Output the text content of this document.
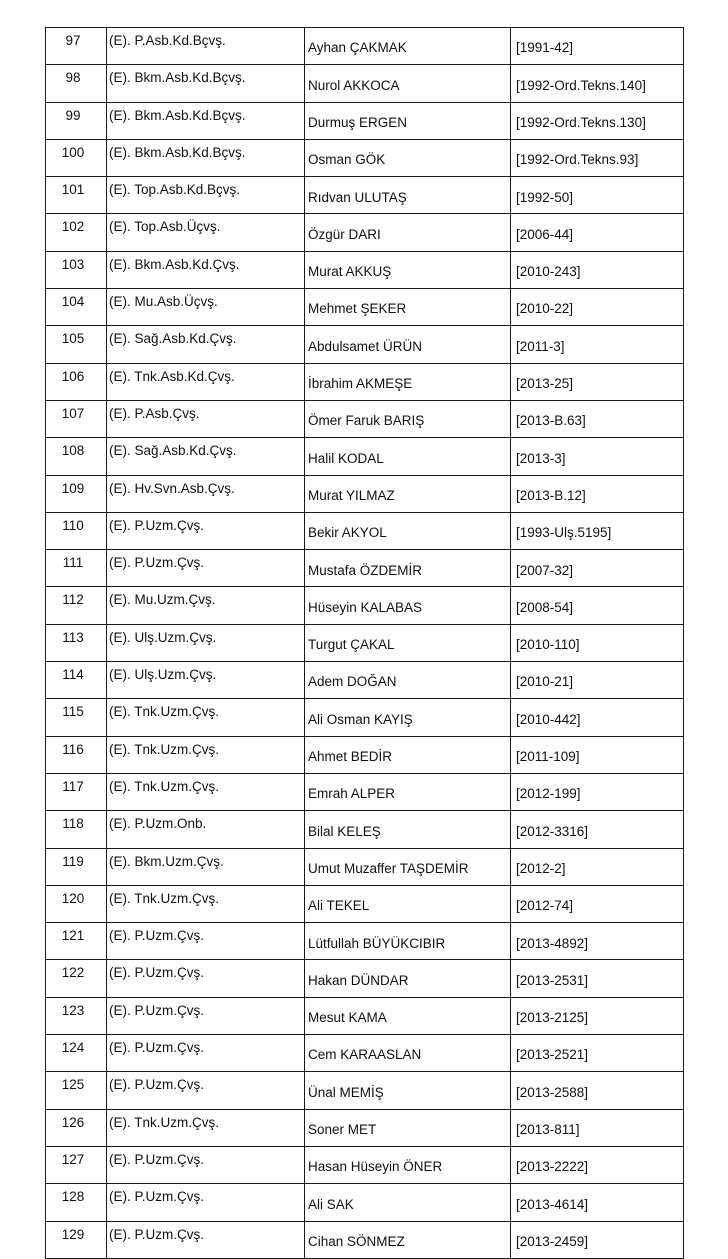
97	(E). P.Asb.Kd.Bçvş.	Ayhan ÇAKMAK	[1991-42]
98	(E). Bkm.Asb.Kd.Bçvş.	Nurol AKKOCA	[1992-Ord.Tekns.140]
99	(E). Bkm.Asb.Kd.Bçvş.	Durmuş ERGEN	[1992-Ord.Tekns.130]
100	(E). Bkm.Asb.Kd.Bçvş.	Osman GÖK	[1992-Ord.Tekns.93]
101	(E). Top.Asb.Kd.Bçvş.	Rıdvan ULUTAŞ	[1992-50]
102	(E). Top.Asb.Üçvş.	Özgür DARI	[2006-44]
103	(E). Bkm.Asb.Kd.Çvş.	Murat AKKUŞ	[2010-243]
104	(E). Mu.Asb.Üçvş.	Mehmet ŞEKER	[2010-22]
105	(E). Sağ.Asb.Kd.Çvş.	Abdulsamet ÜRÜN	[2011-3]
106	(E). Tnk.Asb.Kd.Çvş.	İbrahim AKMEŞE	[2013-25]
107	(E). P.Asb.Çvş.	Ömer Faruk BARIŞ	[2013-B.63]
108	(E). Sağ.Asb.Kd.Çvş.	Halil KODAL	[2013-3]
109	(E). Hv.Svn.Asb.Çvş.	Murat YILMAZ	[2013-B.12]
110	(E). P.Uzm.Çvş.	Bekir AKYOL	[1993-Ulş.5195]
111	(E). P.Uzm.Çvş.	Mustafa ÖZDEMİR	[2007-32]
112	(E). Mu.Uzm.Çvş.	Hüseyin KALABAS	[2008-54]
113	(E). Ulş.Uzm.Çvş.	Turgut ÇAKAL	[2010-110]
114	(E). Ulş.Uzm.Çvş.	Adem DOĞAN	[2010-21]
115	(E). Tnk.Uzm.Çvş.	Ali Osman KAYIŞ	[2010-442]
116	(E). Tnk.Uzm.Çvş.	Ahmet BEDİR	[2011-109]
117	(E). Tnk.Uzm.Çvş.	Emrah ALPER	[2012-199]
118	(E). P.Uzm.Onb.	Bilal KELEŞ	[2012-3316]
119	(E). Bkm.Uzm.Çvş.	Umut Muzaffer TAŞDEMİR	[2012-2]
120	(E). Tnk.Uzm.Çvş.	Ali TEKEL	[2012-74]
121	(E). P.Uzm.Çvş.	Lütfullah BÜYÜKCIBIR	[2013-4892]
122	(E). P.Uzm.Çvş.	Hakan DÜNDAR	[2013-2531]
123	(E). P.Uzm.Çvş.	Mesut KAMA	[2013-2125]
124	(E). P.Uzm.Çvş.	Cem KARAASLAN	[2013-2521]
125	(E). P.Uzm.Çvş.	Ünal MEMİŞ	[2013-2588]
126	(E). Tnk.Uzm.Çvş.	Soner MET	[2013-811]
127	(E). P.Uzm.Çvş.	Hasan Hüseyin ÖNER	[2013-2222]
128	(E). P.Uzm.Çvş.	Ali SAK	[2013-4614]
129	(E). P.Uzm.Çvş.	Cihan SÖNMEZ	[2013-2459]
